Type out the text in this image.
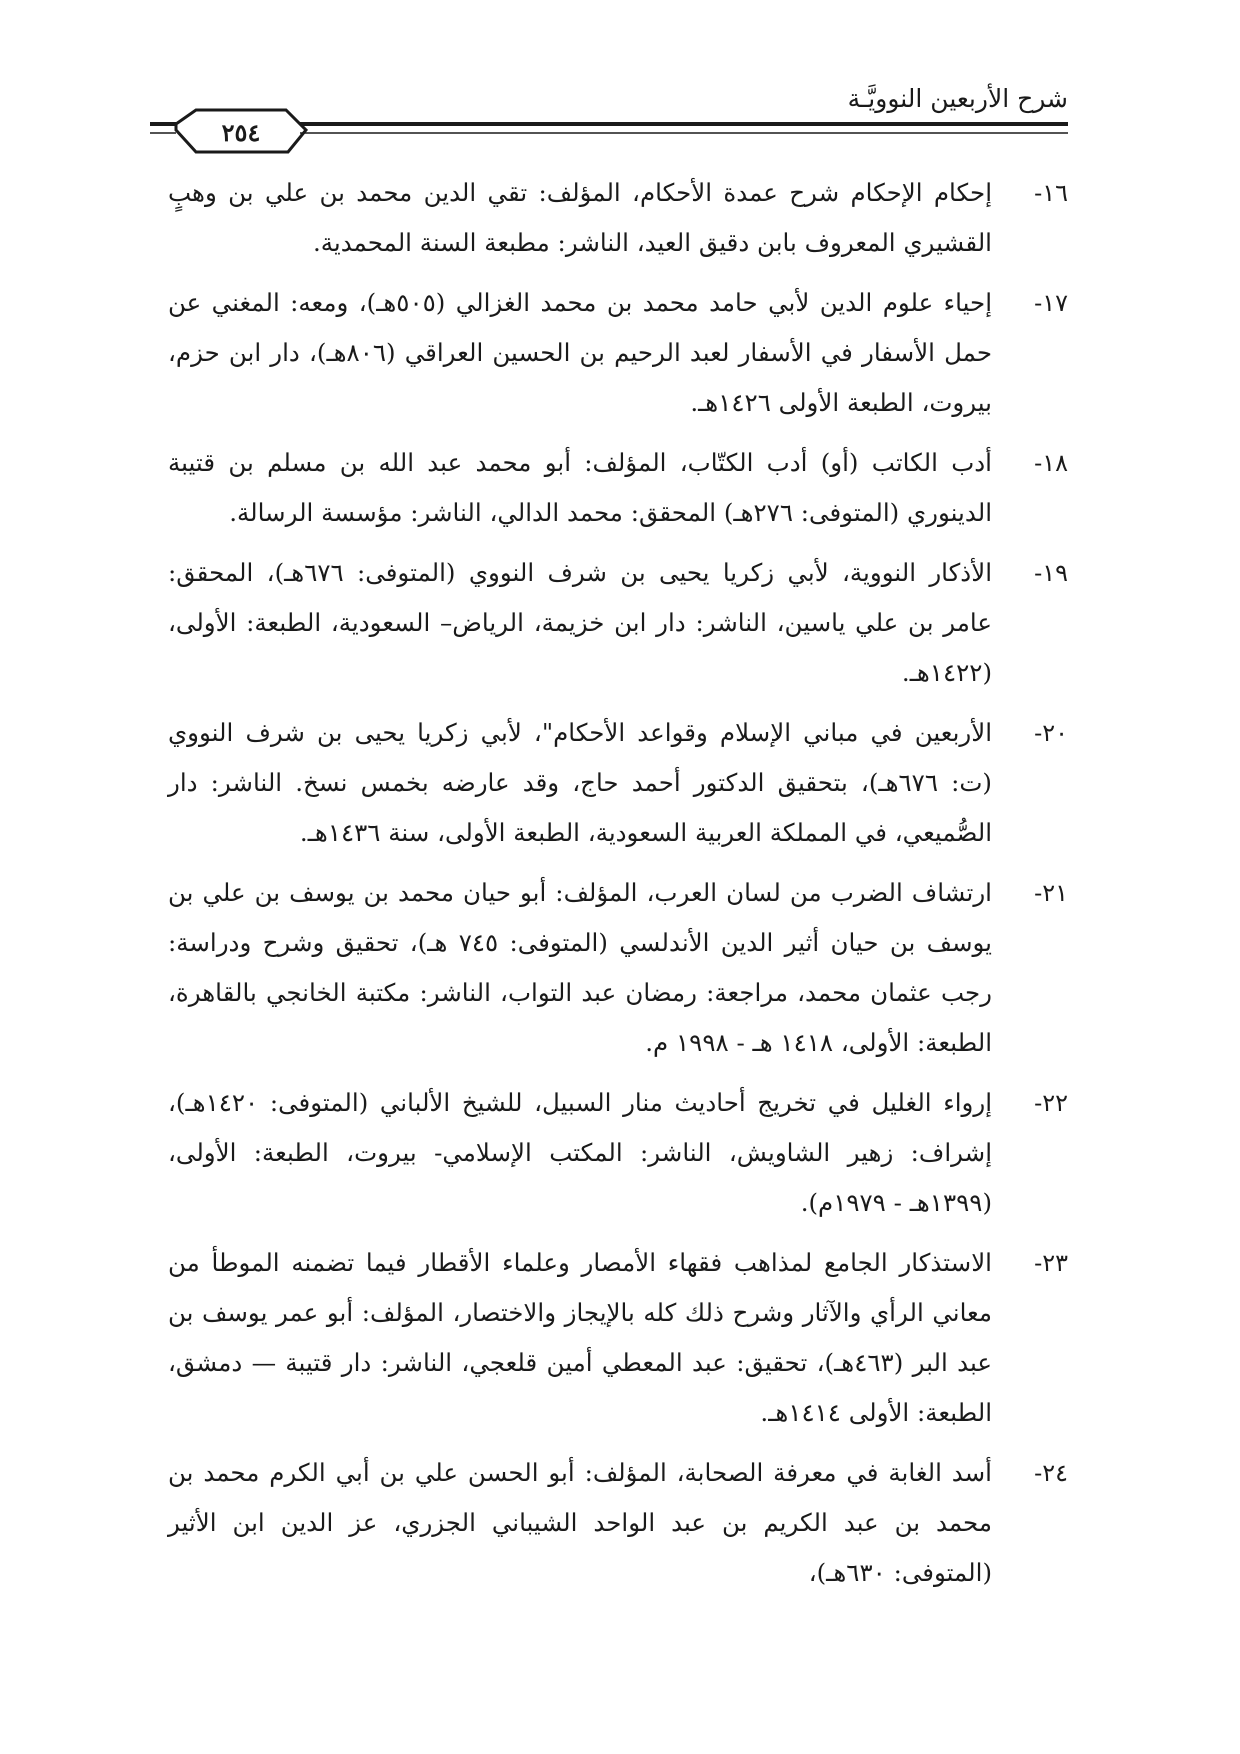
شرح الأربعين النوويَّـة
٢٥٤
١٦-
إحكام الإحكام شرح عمدة الأحكام، المؤلف: تقي الدين محمد بن علي بن وهبٍ القشيري المعروف بابن دقيق العيد، الناشر: مطبعة السنة المحمدية.
١٧-
إحياء علوم الدين لأبي حامد محمد بن محمد الغزالي (٥٠٥هـ)، ومعه: المغني عن حمل الأسفار في الأسفار لعبد الرحيم بن الحسين العراقي (٨٠٦هـ)، دار ابن حزم، بيروت، الطبعة الأولى ١٤٢٦هـ.
١٨-
أدب الكاتب (أو) أدب الكتّاب، المؤلف: أبو محمد عبد الله بن مسلم بن قتيبة الدينوري (المتوفى: ٢٧٦هـ) المحقق: محمد الدالي، الناشر: مؤسسة الرسالة.
١٩-
الأذكار النووية، لأبي زكريا يحيى بن شرف النووي (المتوفى: ٦٧٦هـ)، المحقق: عامر بن علي ياسين، الناشر: دار ابن خزيمة، الرياض– السعودية، الطبعة: الأولى، (١٤٢٢هـ.
٢٠-
الأربعين في مباني الإسلام وقواعد الأحكام"، لأبي زكريا يحيى بن شرف النووي (ت: ٦٧٦هـ)، بتحقيق الدكتور أحمد حاج، وقد عارضه بخمس نسخ. الناشر: دار الصُّميعي، في المملكة العربية السعودية، الطبعة الأولى، سنة ١٤٣٦هـ.
٢١-
ارتشاف الضرب من لسان العرب، المؤلف: أبو حيان محمد بن يوسف بن علي بن يوسف بن حيان أثير الدين الأندلسي (المتوفى: ٧٤٥ هـ)، تحقيق وشرح ودراسة: رجب عثمان محمد، مراجعة: رمضان عبد التواب، الناشر: مكتبة الخانجي بالقاهرة، الطبعة: الأولى، ١٤١٨ هـ - ١٩٩٨ م.
٢٢-
إرواء الغليل في تخريج أحاديث منار السبيل، للشيخ الألباني (المتوفى: ١٤٢٠هـ)، إشراف: زهير الشاويش، الناشر: المكتب الإسلامي- بيروت، الطبعة: الأولى، (١٣٩٩هـ - ١٩٧٩م).
٢٣-
الاستذكار الجامع لمذاهب فقهاء الأمصار وعلماء الأقطار فيما تضمنه الموطأ من معاني الرأي والآثار وشرح ذلك كله بالإيجاز والاختصار، المؤلف: أبو عمر يوسف بن عبد البر (٤٦٣هـ)، تحقيق: عبد المعطي أمين قلعجي، الناشر: دار قتيبة — دمشق، الطبعة: الأولى ١٤١٤هـ.
٢٤-
أسد الغابة في معرفة الصحابة، المؤلف: أبو الحسن علي بن أبي الكرم محمد بن محمد بن عبد الكريم بن عبد الواحد الشيباني الجزري، عز الدين ابن الأثير (المتوفى: ٦٣٠هـ)،
